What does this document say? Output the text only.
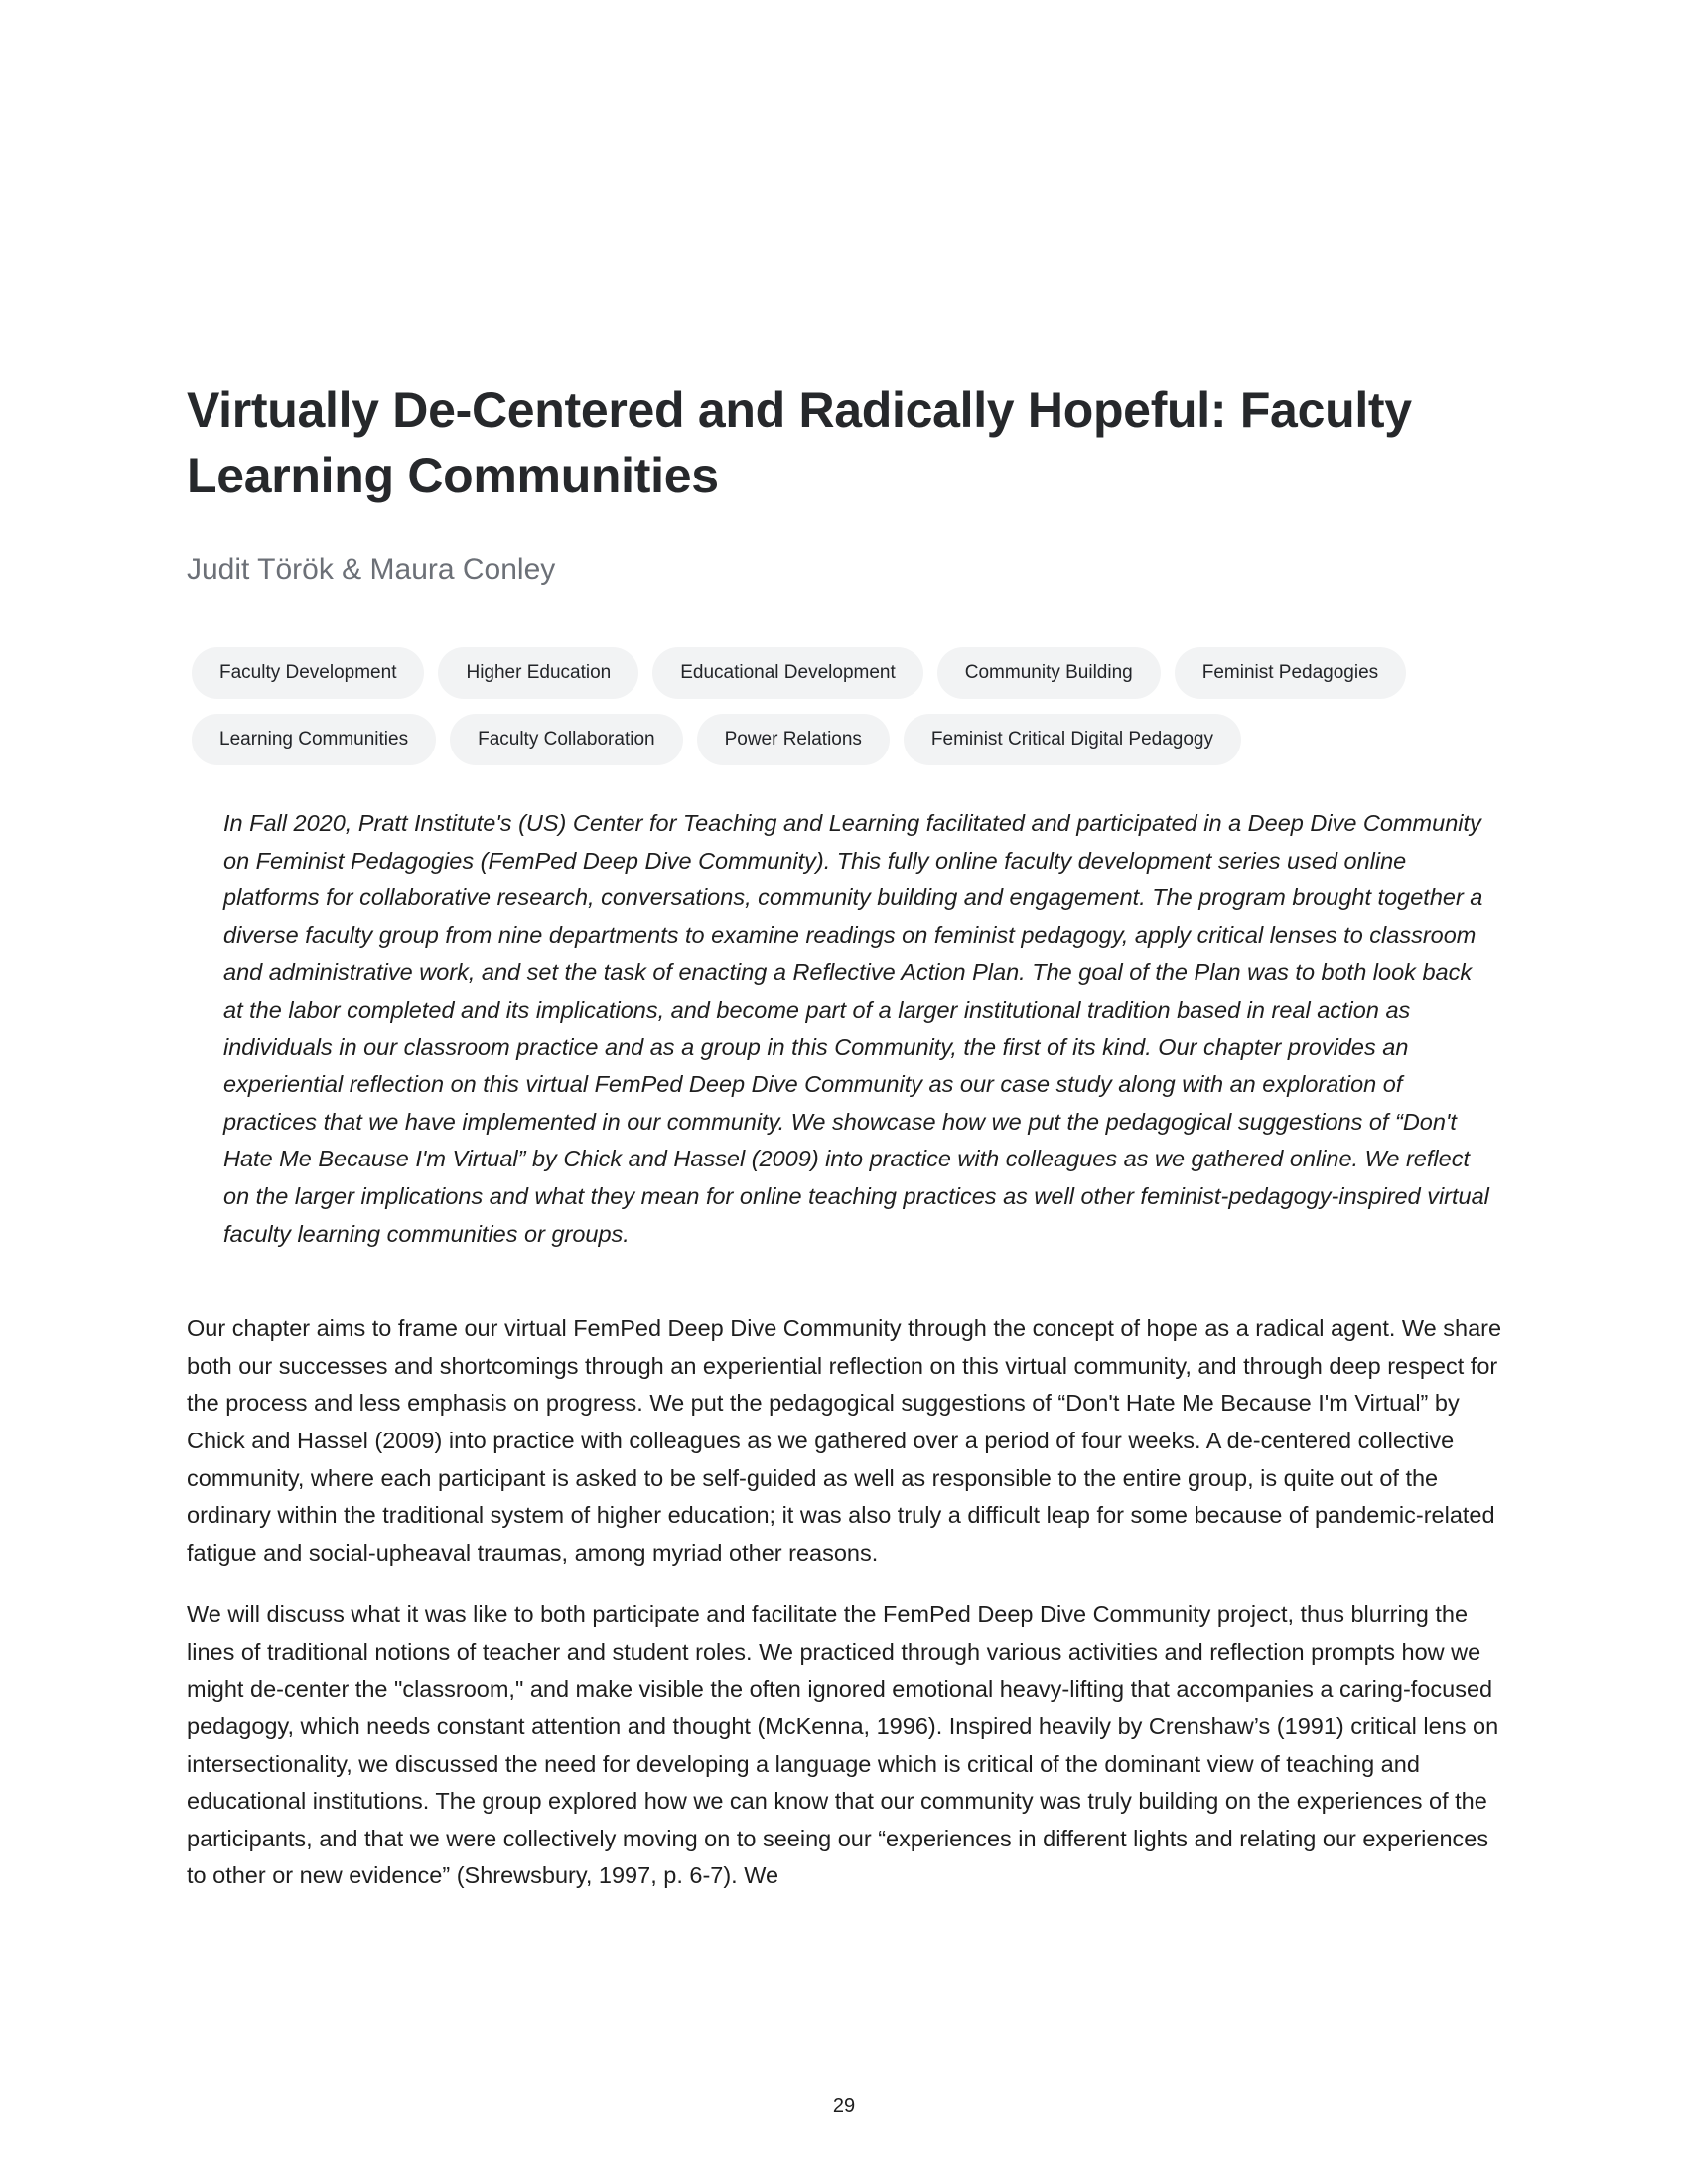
Virtually De-Centered and Radically Hopeful: Faculty Learning Communities
Judit Török & Maura Conley
Faculty Development	Higher Education	Educational Development	Community Building	Feminist Pedagogies
Learning Communities	Faculty Collaboration	Power Relations	Feminist Critical Digital Pedagogy
In Fall 2020, Pratt Institute's (US) Center for Teaching and Learning facilitated and participated in a Deep Dive Community on Feminist Pedagogies (FemPed Deep Dive Community). This fully online faculty development series used online platforms for collaborative research, conversations, community building and engagement. The program brought together a diverse faculty group from nine departments to examine readings on feminist pedagogy, apply critical lenses to classroom and administrative work, and set the task of enacting a Reflective Action Plan. The goal of the Plan was to both look back at the labor completed and its implications, and become part of a larger institutional tradition based in real action as individuals in our classroom practice and as a group in this Community, the first of its kind. Our chapter provides an experiential reflection on this virtual FemPed Deep Dive Community as our case study along with an exploration of practices that we have implemented in our community. We showcase how we put the pedagogical suggestions of “Don't Hate Me Because I'm Virtual” by Chick and Hassel (2009) into practice with colleagues as we gathered online. We reflect on the larger implications and what they mean for online teaching practices as well other feminist-pedagogy-inspired virtual faculty learning communities or groups.

Our chapter aims to frame our virtual FemPed Deep Dive Community through the concept of hope as a radical agent. We share both our successes and shortcomings through an experiential reflection on this virtual community, and through deep respect for the process and less emphasis on progress. We put the pedagogical suggestions of “Don't Hate Me Because I'm Virtual” by Chick and Hassel (2009) into practice with colleagues as we gathered over a period of four weeks. A de-centered collective community, where each participant is asked to be self-guided as well as responsible to the entire group, is quite out of the ordinary within the traditional system of higher education; it was also truly a difficult leap for some because of pandemic-related fatigue and social-upheaval traumas, among myriad other reasons.

We will discuss what it was like to both participate and facilitate the FemPed Deep Dive Community project, thus blurring the lines of traditional notions of teacher and student roles. We practiced through various activities and reflection prompts how we might de-center the "classroom," and make visible the often ignored emotional heavy-lifting that accompanies a caring-focused pedagogy, which needs constant attention and thought (McKenna, 1996). Inspired heavily by Crenshaw’s (1991) critical lens on intersectionality, we discussed the need for developing a language which is critical of the dominant view of teaching and educational institutions. The group explored how we can know that our community was truly building on the experiences of the participants, and that we were collectively moving on to seeing our “experiences in different lights and relating our experiences to other or new evidence” (Shrewsbury, 1997, p. 6-7). We

29
